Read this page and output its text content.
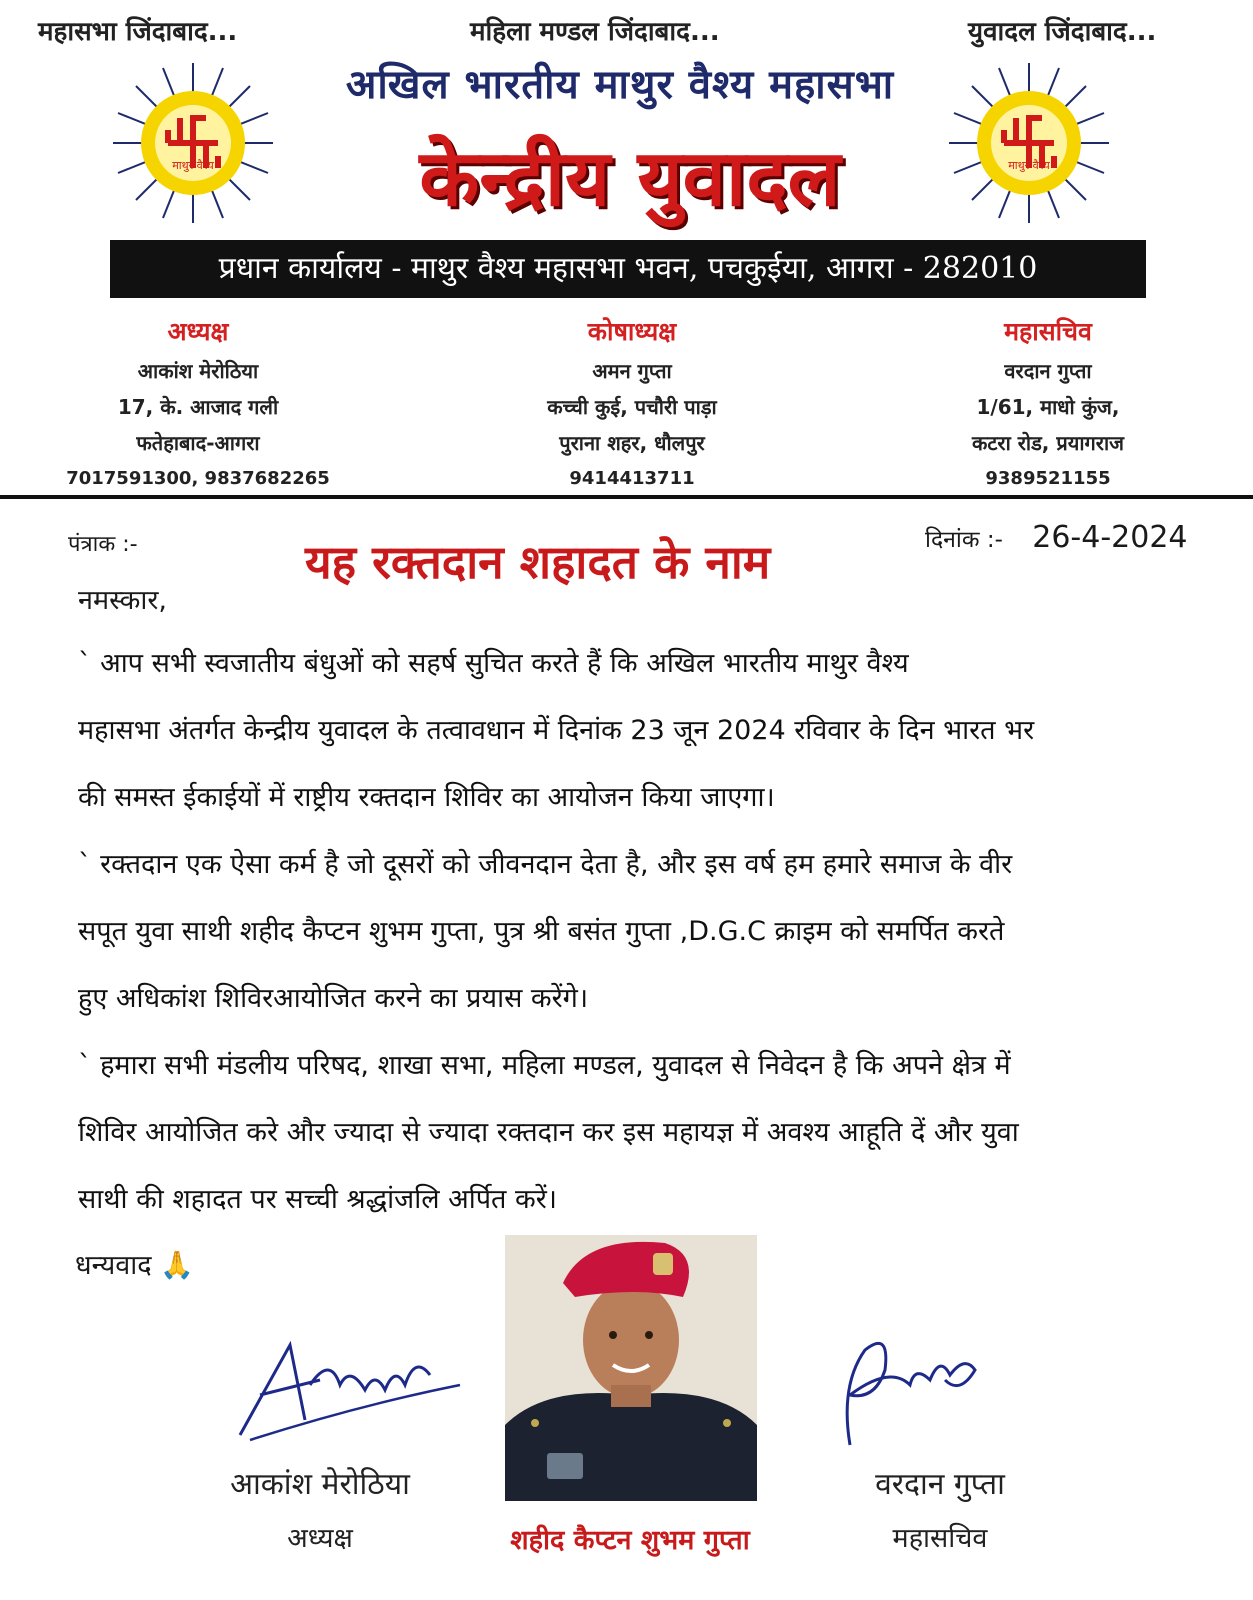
महासभा जिंदाबाद...	महिला मण्डल जिंदाबाद...	युवादल जिंदाबाद...
माथुर वैश्य	माथुर वैश्य
अखिल भारतीय माथुर वैश्य महासभा
केन्द्रीय युवादल
प्रधान कार्यालय - माथुर वैश्य महासभा भवन, पचकुईया, आगरा - 282010
अध्यक्ष
आकांश मेरोठिया
17, के. आजाद गली
फतेहाबाद-आगरा
7017591300, 9837682265
कोषाध्यक्ष
अमन गुप्ता
कच्ची कुई, पचौरी पाड़ा
पुराना शहर, धौलपुर
9414413711
महासचिव
वरदान गुप्ता
1/61, माधो कुंज,
कटरा रोड, प्रयागराज
9389521155
पंत्राक :-	दिनांक :- 26-4-2024
यह रक्तदान शहादत के नाम
नमस्कार,

` आप सभी स्वजातीय बंधुओं को सहर्ष सुचित करते हैं कि अखिल भारतीय माथुर वैश्य

महासभा अंतर्गत केन्द्रीय युवादल के तत्वावधान में दिनांक 23 जून 2024 रविवार के दिन भारत भर

की समस्त ईकाईयों में राष्ट्रीय रक्तदान शिविर का आयोजन किया जाएगा।

` रक्तदान एक ऐसा कर्म है जो दूसरों को जीवनदान देता है, और इस वर्ष हम हमारे समाज के वीर

सपूत युवा साथी शहीद कैप्टन शुभम गुप्ता, पुत्र श्री बसंत गुप्ता ,D.G.C क्राइम को समर्पित करते

हुए अधिकांश शिविरआयोजित करने का प्रयास करेंगे।

` हमारा सभी मंडलीय परिषद, शाखा सभा, महिला मण्डल, युवादल से निवेदन है कि अपने क्षेत्र में

शिविर आयोजित करे और ज्यादा से ज्यादा रक्तदान कर इस महायज्ञ में अवश्य आहूति दें और युवा

साथी की शहादत पर सच्ची श्रद्धांजलि अर्पित करें।

धन्यवाद 🙏
आकांश मेरोठिया
अध्यक्ष	शहीद कैप्टन शुभम गुप्ता
वरदान गुप्ता
महासचिव
